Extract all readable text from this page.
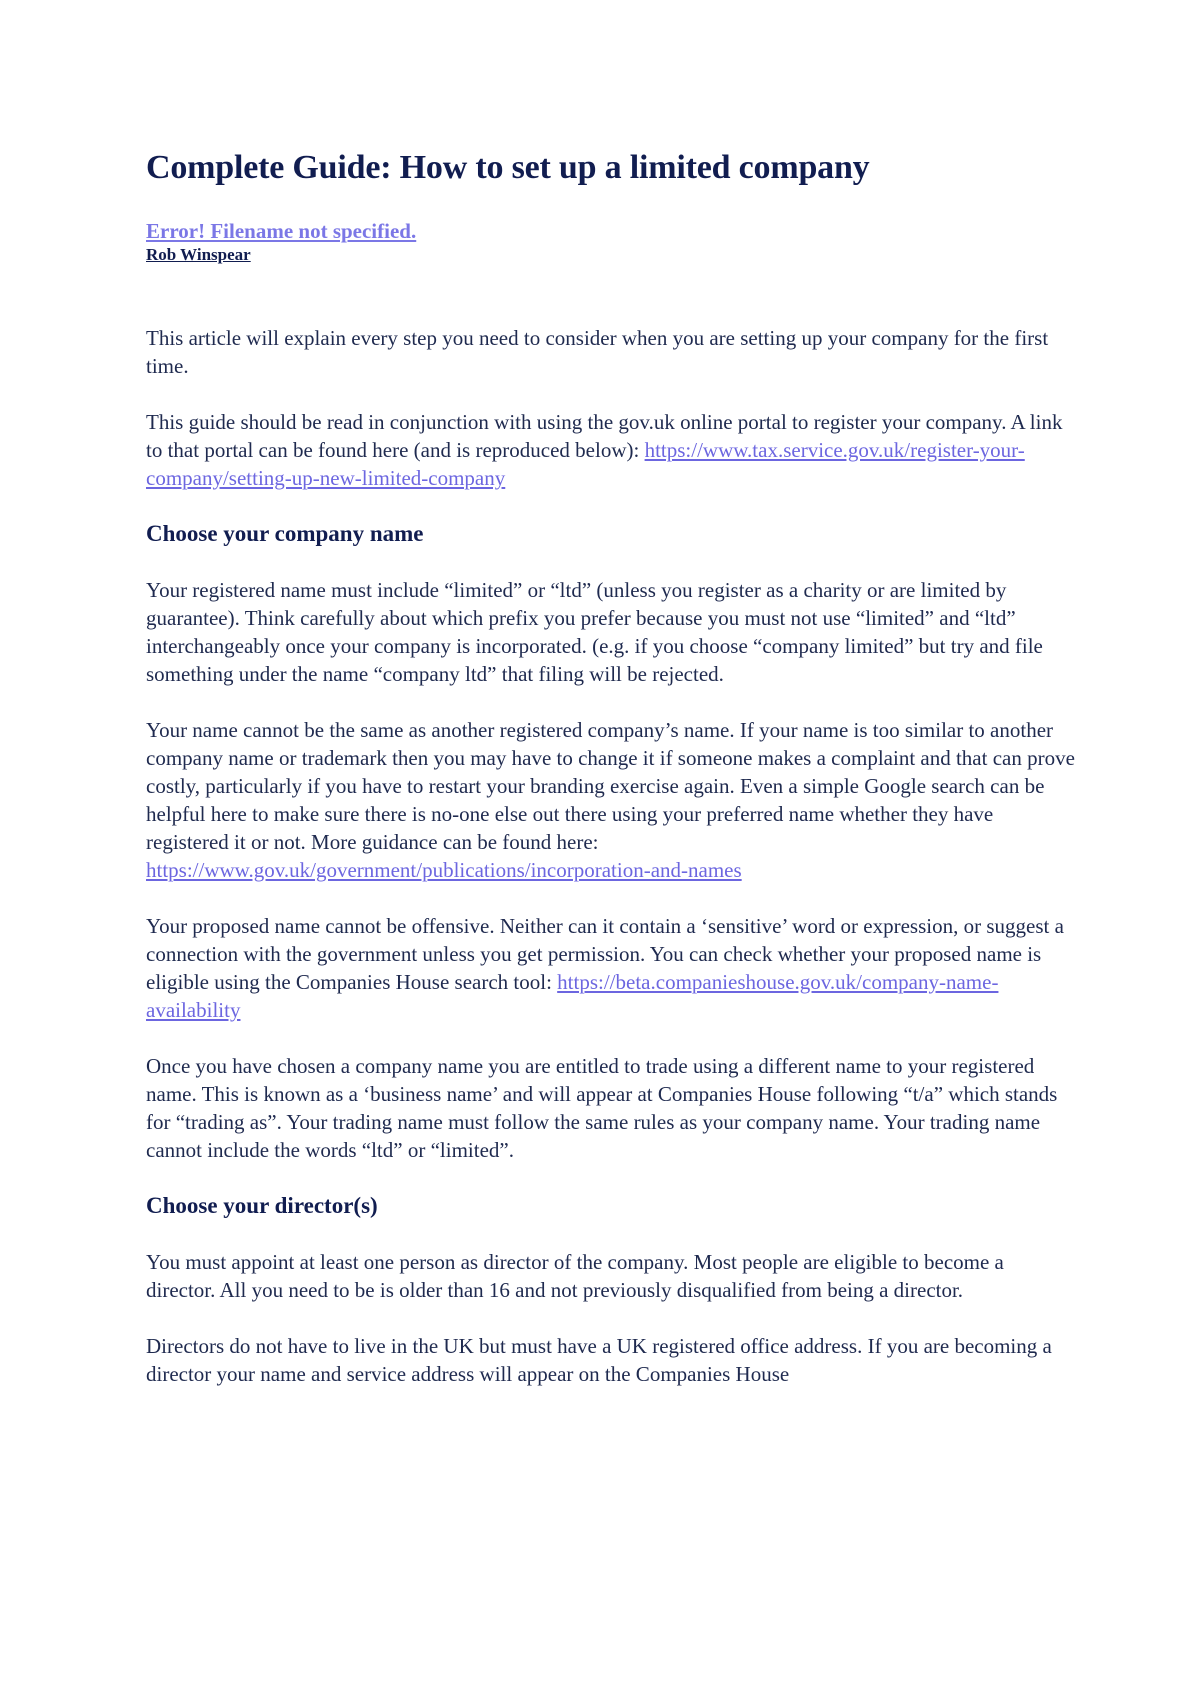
Complete Guide: How to set up a limited company
Error! Filename not specified.
Rob Winspear

This article will explain every step you need to consider when you are setting up your company for the first time.

This guide should be read in conjunction with using the gov.uk online portal to register your company. A link to that portal can be found here (and is reproduced below): https://www.tax.service.gov.uk/register-your-company/setting-up-new-limited-company

Choose your company name

Your registered name must include “limited” or “ltd” (unless you register as a charity or are limited by guarantee). Think carefully about which prefix you prefer because you must not use “limited” and “ltd” interchangeably once your company is incorporated. (e.g. if you choose “company limited” but try and file something under the name “company ltd” that filing will be rejected.

Your name cannot be the same as another registered company’s name. If your name is too similar to another company name or trademark then you may have to change it if someone makes a complaint and that can prove costly, particularly if you have to restart your branding exercise again. Even a simple Google search can be helpful here to make sure there is no-one else out there using your preferred name whether they have registered it or not. More guidance can be found here: https://www.gov.uk/government/publications/incorporation-and-names

Your proposed name cannot be offensive. Neither can it contain a ‘sensitive’ word or expression, or suggest a connection with the government unless you get permission. You can check whether your proposed name is eligible using the Companies House search tool: https://beta.companieshouse.gov.uk/company-name-availability

Once you have chosen a company name you are entitled to trade using a different name to your registered name. This is known as a ‘business name’ and will appear at Companies House following “t/a” which stands for “trading as”. Your trading name must follow the same rules as your company name. Your trading name cannot include the words “ltd” or “limited”.

Choose your director(s)

You must appoint at least one person as director of the company. Most people are eligible to become a director. All you need to be is older than 16 and not previously disqualified from being a director.

Directors do not have to live in the UK but must have a UK registered office address. If you are becoming a director your name and service address will appear on the Companies House
